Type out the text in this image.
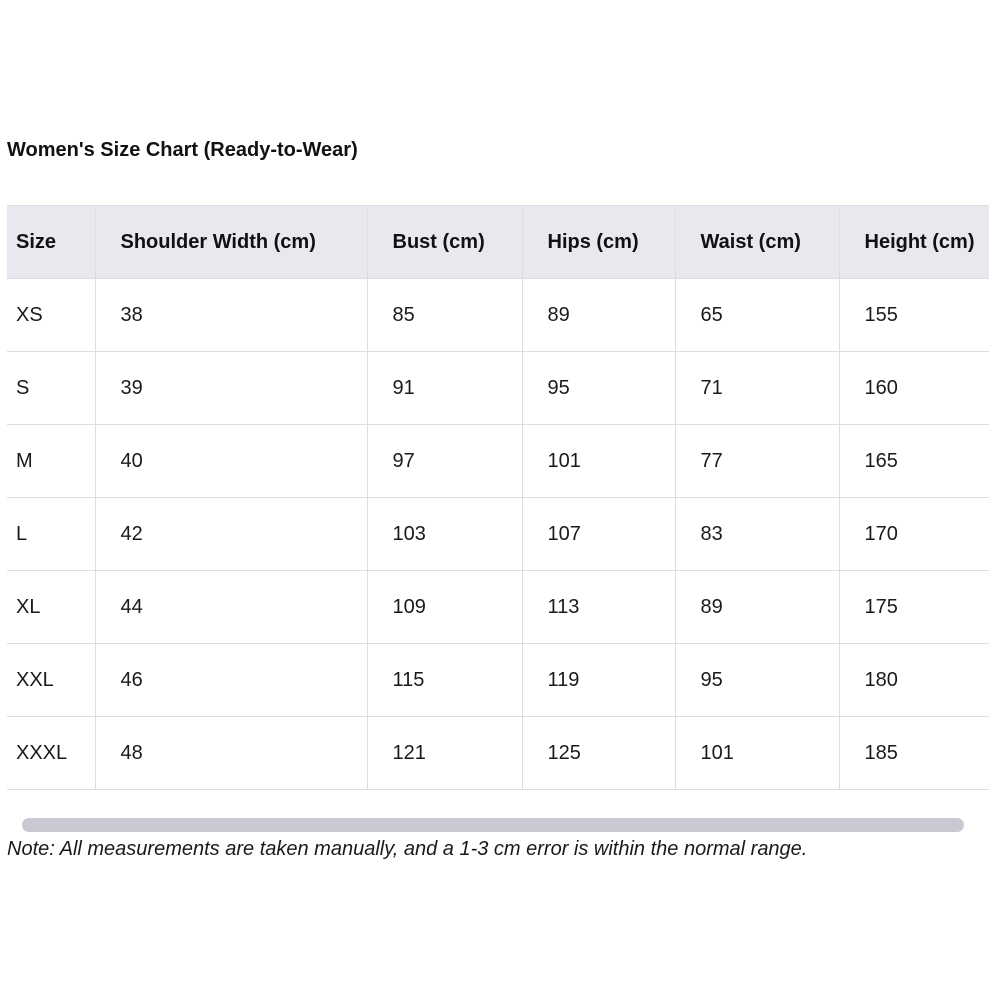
Women's Size Chart (Ready-to-Wear)
Size	Shoulder Width (cm)	Bust (cm)	Hips (cm)	Waist (cm)	Height (cm)
XS	38	85	89	65	155
S	39	91	95	71	160
M	40	97	101	77	165
L	42	103	107	83	170
XL	44	109	113	89	175
XXL	46	115	119	95	180
XXXL	48	121	125	101	185
Note: All measurements are taken manually, and a 1-3 cm error is within the normal range.
